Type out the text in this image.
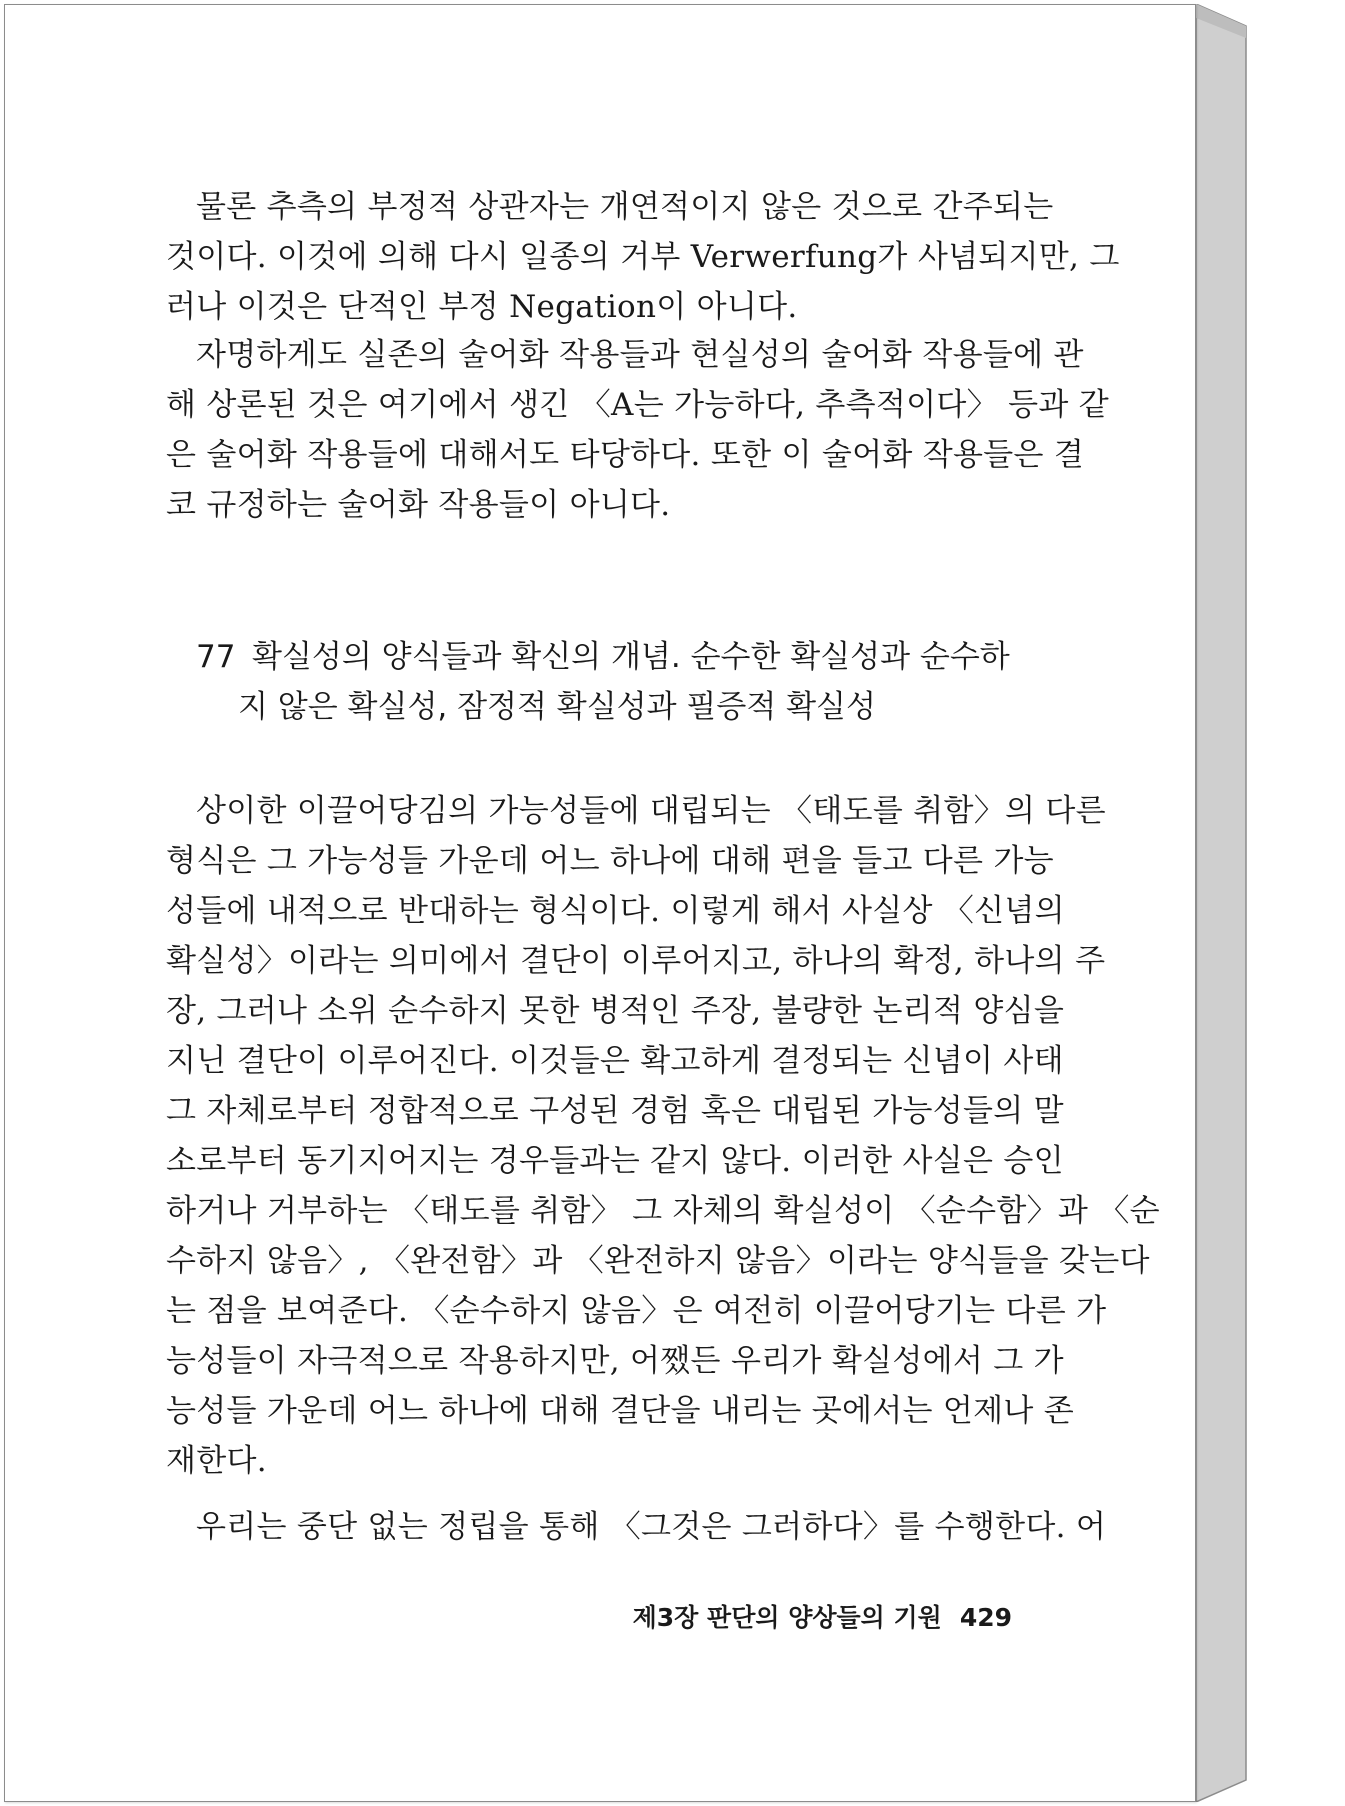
물론 추측의 부정적 상관자는 개연적이지 않은 것으로 간주되는
것이다. 이것에 의해 다시 일종의 거부 Verwerfung가 사념되지만, 그
러나 이것은 단적인 부정 Negation이 아니다.
자명하게도 실존의 술어화 작용들과 현실성의 술어화 작용들에 관
해 상론된 것은 여기에서 생긴 〈A는 가능하다, 추측적이다〉 등과 같
은 술어화 작용들에 대해서도 타당하다. 또한 이 술어화 작용들은 결
코 규정하는 술어화 작용들이 아니다.
77 확실성의 양식들과 확신의 개념. 순수한 확실성과 순수하
지 않은 확실성, 잠정적 확실성과 필증적 확실성
상이한 이끌어당김의 가능성들에 대립되는 〈태도를 취함〉의 다른
형식은 그 가능성들 가운데 어느 하나에 대해 편을 들고 다른 가능
성들에 내적으로 반대하는 형식이다. 이렇게 해서 사실상 〈신념의
확실성〉이라는 의미에서 결단이 이루어지고, 하나의 확정, 하나의 주
장, 그러나 소위 순수하지 못한 병적인 주장, 불량한 논리적 양심을
지닌 결단이 이루어진다. 이것들은 확고하게 결정되는 신념이 사태
그 자체로부터 정합적으로 구성된 경험 혹은 대립된 가능성들의 말
소로부터 동기지어지는 경우들과는 같지 않다. 이러한 사실은 승인
하거나 거부하는 〈태도를 취함〉 그 자체의 확실성이 〈순수함〉과 〈순
수하지 않음〉, 〈완전함〉과 〈완전하지 않음〉이라는 양식들을 갖는다
는 점을 보여준다. 〈순수하지 않음〉은 여전히 이끌어당기는 다른 가
능성들이 자극적으로 작용하지만, 어쨌든 우리가 확실성에서 그 가
능성들 가운데 어느 하나에 대해 결단을 내리는 곳에서는 언제나 존
재한다.
우리는 중단 없는 정립을 통해 〈그것은 그러하다〉를 수행한다. 어
제3장 판단의 양상들의 기원 429
